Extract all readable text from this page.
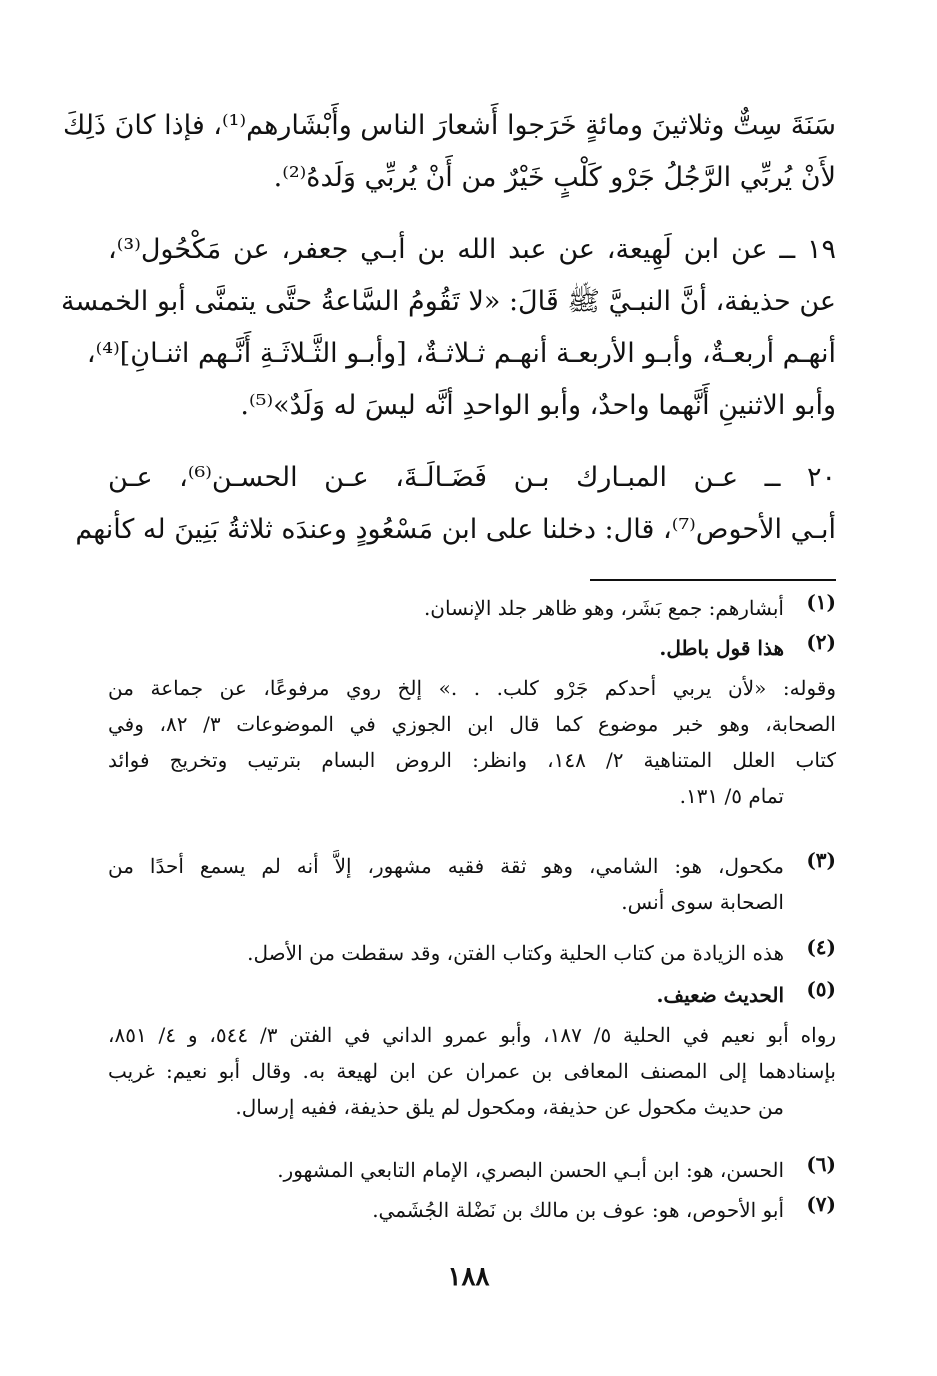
سَنَةَ سِتٌّ وثلاثينَ ومائةٍ خَرَجوا أَشعارَ الناس وأَبْشَارهم⁽¹⁾، فإذا كانَ ذَلِكَ
لأَنْ يُربِّي الرَّجُلُ جَرْو كَلْبٍ خَيْرٌ من أَنْ يُربِّي وَلَدهُ⁽²⁾.
١٩ ــ عن ابن لَهِيعة، عن عبد الله بن أبـي جعفر، عن مَكْحُول⁽³⁾،
عن حذيفة، أنَّ النبـيَّ ﷺ قَالَ: «لا تَقُومُ السَّاعةُ حتَّى يتمنَّى أبو الخمسة
أنهـم أربعـةٌ، وأبـو الأربعـة أنهـم ثـلاثـةٌ، [وأبـو الثَّـلاثَـةِ أَنَّـهم اثنـانِ]⁽⁴⁾،
وأبو الاثنينِ أَنَّهما واحدٌ، وأبو الواحدِ أنَّه ليسَ له وَلَدٌ»⁽⁵⁾.
٢٠ ــ عـن المبـارك بـن فَضَـالَـةَ، عـن الحسـن⁽⁶⁾، عـن
أبـي الأحوص⁽⁷⁾، قال: دخلنا على ابن مَسْعُودٍ وعندَه ثلاثةُ بَنِينَ له كأنهم
(١)
أبشارهم: جمع بَشَر، وهو ظاهر جلد الإنسان.
(٢)
هذا قول باطل.
وقوله: «لأن يربي أحدكم جَرْو كلب. . .» إلخ روي مرفوعًا، عن جماعة من
الصحابة، وهو خبر موضوع كما قال ابن الجوزي في الموضوعات ٣/ ٨٢، وفي
كتاب العلل المتناهية ٢/ ١٤٨، وانظر: الروض البسام بترتيب وتخريج فوائد
تمام ٥/ ١٣١.
(٣)
مكحول، هو: الشامي، وهو ثقة فقيه مشهور، إلاَّ أنه لم يسمع أحدًا من
الصحابة سوى أنس.
(٤)
هذه الزيادة من كتاب الحلية وكتاب الفتن، وقد سقطت من الأصل.
(٥)
الحديث ضعيف.
رواه أبو نعيم في الحلية ٥/ ١٨٧، وأبو عمرو الداني في الفتن ٣/ ٥٤٤، و ٤/ ٨٥١،
بإسنادهما إلى المصنف المعافى بن عمران عن ابن لهيعة به. وقال أبو نعيم: غريب
من حديث مكحول عن حذيفة، ومكحول لم يلق حذيفة، ففيه إرسال.
(٦)
الحسن، هو: ابن أبـي الحسن البصري، الإمام التابعي المشهور.
(٧)
أبو الأحوص، هو: عوف بن مالك بن نَضْلة الجُشَمي.
١٨٨
